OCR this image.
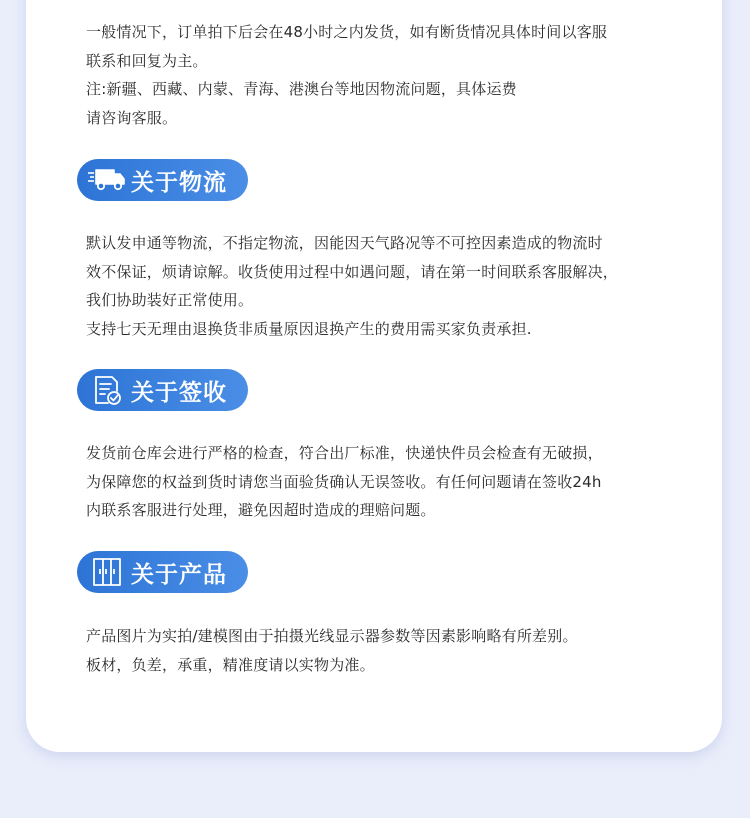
一般情况下，订单拍下后会在48小时之内发货，如有断货情况具体时间以客服
联系和回复为主。
注:新疆、西藏、内蒙、青海、港澳台等地因物流问题，具体运费
请咨询客服。
关于物流
默认发申通等物流，不指定物流，因能因天气路况等不可控因素造成的物流时
效不保证，烦请谅解。收货使用过程中如遇问题，请在第一时间联系客服解决，
我们协助装好正常使用。
支持七天无理由退换货非质量原因退换产生的费用需买家负责承担.
关于签收
发货前仓库会进行严格的检查，符合出厂标准，快递快件员会检查有无破损，
为保障您的权益到货时请您当面验货确认无误签收。有任何问题请在签收24h
内联系客服进行处理，避免因超时造成的理赔问题。
关于产品
产品图片为实拍/建模图由于拍摄光线显示器参数等因素影响略有所差别。
板材，负差，承重，精准度请以实物为准。
